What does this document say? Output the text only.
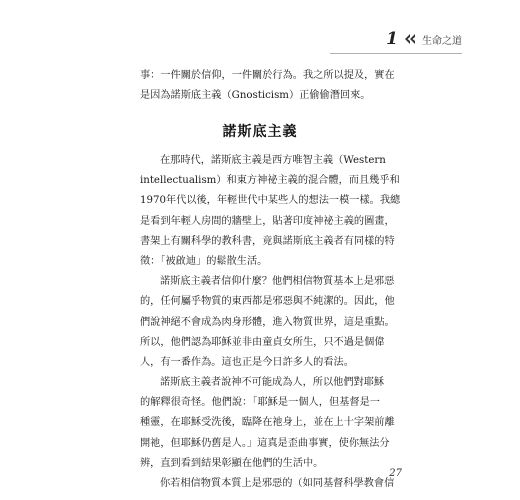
1 生命之道
事：一件關於信仰，一件關於行為。我之所以提及，實在
是因為諾斯底主義（Gnosticism）正偷偷潛回來。
諾斯底主義
在那時代，諾斯底主義是西方唯智主義（Western
intellectualism）和東方神祕主義的混合體，而且幾乎和
1970年代以後，年輕世代中某些人的想法一模一樣。我總
是看到年輕人房間的牆壁上，貼著印度神祕主義的圖畫，
書架上有關科學的教科書，竟與諾斯底主義者有同樣的特
徵：「被啟迪」的鬆散生活。
諾斯底主義者信仰什麼？他們相信物質基本上是邪惡
的，任何屬乎物質的東西都是邪惡與不純潔的。因此，他
們說神絕不會成為肉身形體，進入物質世界，這是重點。
所以，他們認為耶穌並非由童貞女所生，只不過是個偉
人，有一番作為。這也正是今日許多人的看法。
諾斯底主義者說神不可能成為人，所以他們對耶穌
的解釋很奇怪。他們說：「耶穌是一個人，但基督是一
種靈，在耶穌受洗後，臨降在祂身上，並在上十字架前離
開祂，但耶穌仍舊是人。」這真是歪曲事實，使你無法分
辨，直到看到結果彰顯在他們的生活中。
你若相信物質本質上是邪惡的（如同基督科學教會信
27
